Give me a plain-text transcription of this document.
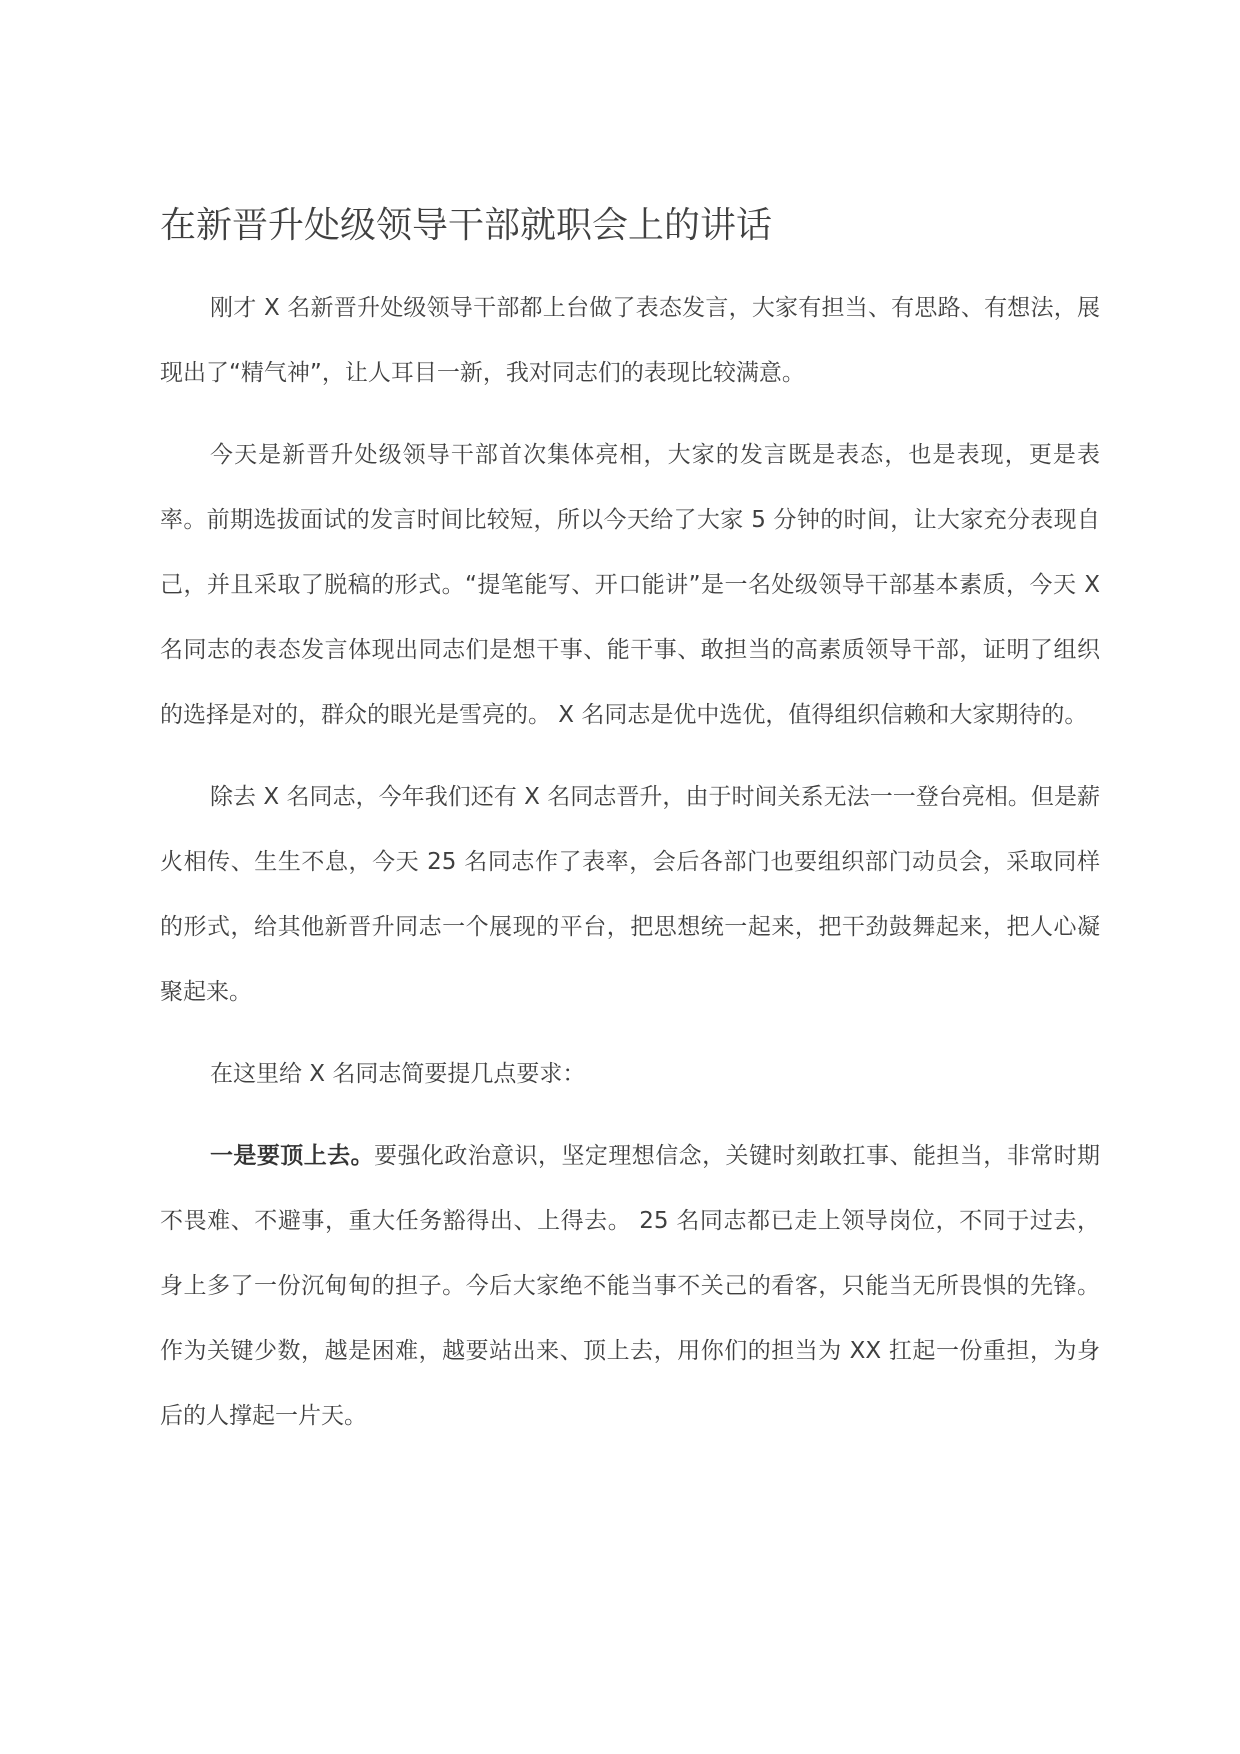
在新晋升处级领导干部就职会上的讲话

刚才 X 名新晋升处级领导干部都上台做了表态发言，大家有担当、有思路、有想法，展现出了“精气神”，让人耳目一新，我对同志们的表现比较满意。

今天是新晋升处级领导干部首次集体亮相，大家的发言既是表态，也是表现，更是表率。前期选拔面试的发言时间比较短，所以今天给了大家 5 分钟的时间，让大家充分表现自己，并且采取了脱稿的形式。“提笔能写、开口能讲”是一名处级领导干部基本素质，今天 X 名同志的表态发言体现出同志们是想干事、能干事、敢担当的高素质领导干部，证明了组织的选择是对的，群众的眼光是雪亮的。 X 名同志是优中选优，值得组织信赖和大家期待的。

除去 X 名同志，今年我们还有 X 名同志晋升，由于时间关系无法一一登台亮相。但是薪火相传、生生不息，今天 25 名同志作了表率，会后各部门也要组织部门动员会，采取同样的形式，给其他新晋升同志一个展现的平台，把思想统一起来，把干劲鼓舞起来，把人心凝聚起来。

在这里给 X 名同志简要提几点要求：

一是要顶上去。要强化政治意识，坚定理想信念，关键时刻敢扛事、能担当，非常时期不畏难、不避事，重大任务豁得出、上得去。 25 名同志都已走上领导岗位，不同于过去，身上多了一份沉甸甸的担子。今后大家绝不能当事不关己的看客，只能当无所畏惧的先锋。作为关键少数，越是困难，越要站出来、顶上去，用你们的担当为 XX 扛起一份重担，为身后的人撑起一片天。
